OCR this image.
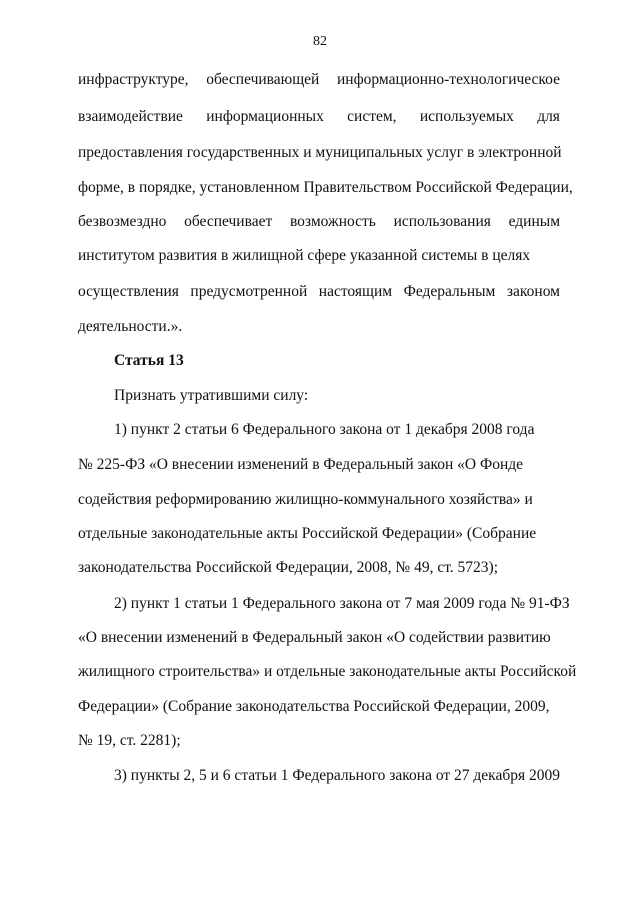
82
инфраструктуре, обеспечивающей информационно-технологическое
взаимодействие информационных систем, используемых для
предоставления государственных и муниципальных услуг в электронной
форме, в порядке, установленном Правительством Российской Федерации,
безвозмездно обеспечивает возможность использования единым
институтом развития в жилищной сфере указанной системы в целях
осуществления предусмотренной настоящим Федеральным законом
деятельности.».
Статья 13
Признать утратившими силу:
1) пункт 2 статьи 6 Федерального закона от 1 декабря 2008 года
№ 225-ФЗ «О внесении изменений в Федеральный закон «О Фонде
содействия реформированию жилищно-коммунального хозяйства» и
отдельные законодательные акты Российской Федерации» (Собрание
законодательства Российской Федерации, 2008, № 49, ст. 5723);
2) пункт 1 статьи 1 Федерального закона от 7 мая 2009 года № 91-ФЗ
«О внесении изменений в Федеральный закон «О содействии развитию
жилищного строительства» и отдельные законодательные акты Российской
Федерации» (Собрание законодательства Российской Федерации, 2009,
№ 19, ст. 2281);
3) пункты 2, 5 и 6 статьи 1 Федерального закона от 27 декабря 2009
